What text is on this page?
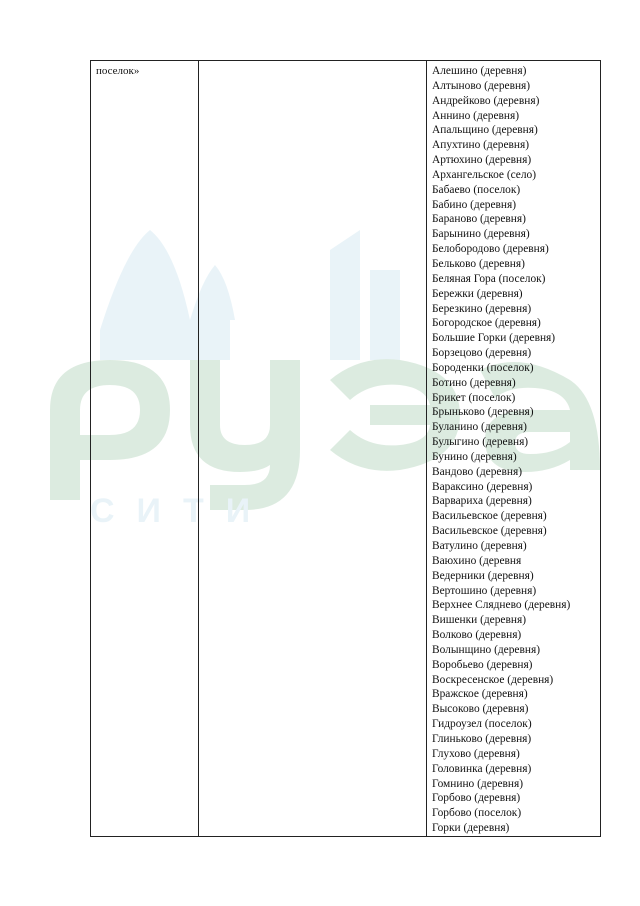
СИТИ
поселок»		Алешино (деревня)
Алтыново (деревня)
Андрейково (деревня)
Аннино (деревня)
Апальщино (деревня)
Апухтино (деревня)
Артюхино (деревня)
Архангельское (село)
Бабаево (поселок)
Бабино (деревня)
Бараново (деревня)
Барынино (деревня)
Белобородово (деревня)
Бельково (деревня)
Беляная Гора (поселок)
Бережки (деревня)
Березкино (деревня)
Богородское (деревня)
Большие Горки (деревня)
Борзецово (деревня)
Бороденки (поселок)
Ботино (деревня)
Брикет (поселок)
Брыньково (деревня)
Буланино (деревня)
Булыгино (деревня)
Бунино (деревня)
Вандово (деревня)
Вараксино (деревня)
Варвариха (деревня)
Васильевское (деревня)
Васильевское (деревня)
Ватулино (деревня)
Ваюхино (деревня
Ведерники (деревня)
Вертошино (деревня)
Верхнее Сляднево (деревня)
Вишенки (деревня)
Волково (деревня)
Волынщино (деревня)
Воробьево (деревня)
Воскресенское (деревня)
Вражское (деревня)
Высоково (деревня)
Гидроузел (поселок)
Глиньково (деревня)
Глухово (деревня)
Головинка (деревня)
Гомнино (деревня)
Горбово (деревня)
Горбово (поселок)
Горки (деревня)
